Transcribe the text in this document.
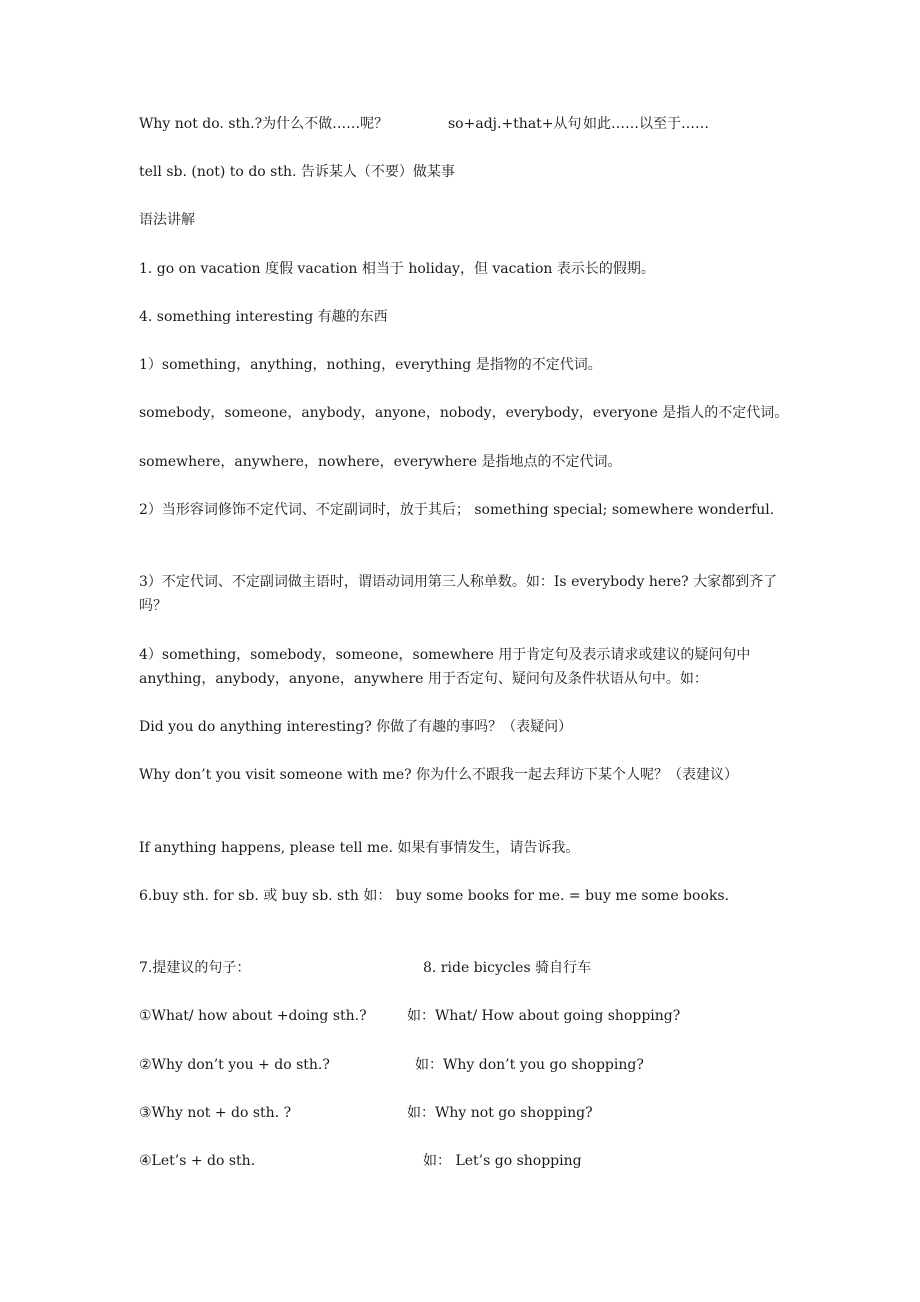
Why not do. sth.?为什么不做……呢？	so+adj.+that+从句 如此……以至于……

tell sb. (not) to do sth. 告诉某人（不要）做某事

语法讲解

1. go on vacation 度假 vacation 相当于 holiday，但 vacation 表示长的假期。

4. something interesting 有趣的东西

1）something，anything，nothing，everything 是指物的不定代词。

somebody，someone，anybody，anyone，nobody，everybody，everyone 是指人的不定代词。

somewhere，anywhere，nowhere，everywhere 是指地点的不定代词。

2）当形容词修饰不定代词、不定副词时，放于其后； something special; somewhere wonderful.

3）不定代词、不定副词做主语时，谓语动词用第三人称单数。如：Is everybody here? 大家都到齐了吗？

4）something，somebody，someone，somewhere 用于肯定句及表示请求或建议的疑问句中 anything，anybody，anyone，anywhere 用于否定句、疑问句及条件状语从句中。如：

Did you do anything interesting? 你做了有趣的事吗？（表疑问）

Why don’t you visit someone with me? 你为什么不跟我一起去拜访下某个人呢？（表建议）

If anything happens, please tell me. 如果有事情发生，请告诉我。

6.buy sth. for sb. 或 buy sb. sth 如： buy some books for me. = buy me some books.

7.提建议的句子：	8. ride bicycles 骑自行车

①What/ how about +doing sth.?	如：What/ How about going shopping?

②Why don’t you + do sth.?	如：Why don’t you go shopping?

③Why not + do sth. ?	如：Why not go shopping?

④Let’s + do sth.	如： Let’s go shopping
